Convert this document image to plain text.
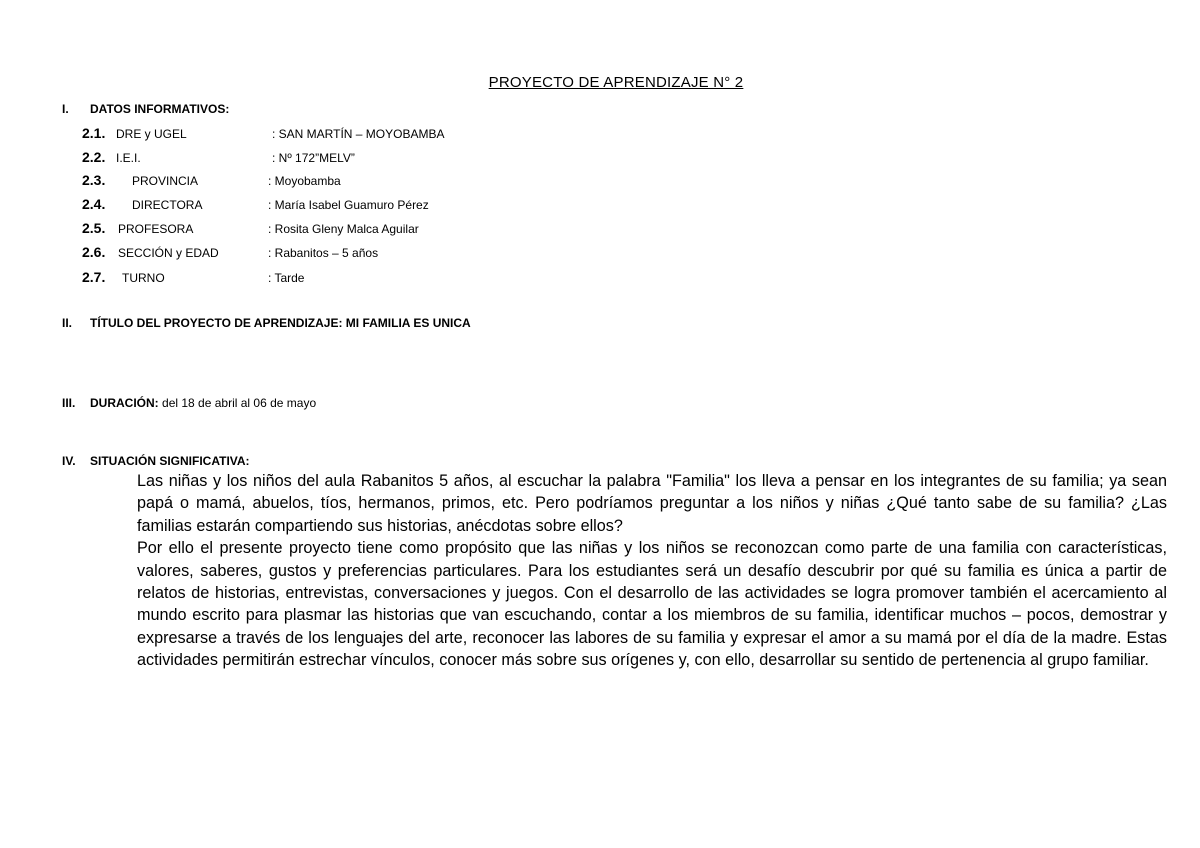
PROYECTO DE APRENDIZAJE N° 2
I. DATOS INFORMATIVOS:
2.1. DRE y UGEL	: SAN MARTÍN – MOYOBAMBA
2.2. I.E.I.	: Nº 172”MELV”
2.3. PROVINCIA	: Moyobamba
2.4. DIRECTORA	: María Isabel Guamuro Pérez
2.5. PROFESORA	: Rosita Gleny Malca Aguilar
2.6. SECCIÓN y EDAD	: Rabanitos – 5 años
2.7. TURNO	: Tarde
II. TÍTULO DEL PROYECTO DE APRENDIZAJE: MI FAMILIA ES UNICA
III. DURACIÓN: del 18 de abril al 06 de mayo
IV. SITUACIÓN SIGNIFICATIVA:

Las niñas y los niños del aula Rabanitos 5 años, al escuchar la palabra "Familia" los lleva a pensar en los integrantes de su familia; ya sean papá o mamá, abuelos, tíos, hermanos, primos, etc. Pero podríamos preguntar a los niños y niñas ¿Qué tanto sabe de su familia? ¿Las familias estarán compartiendo sus historias, anécdotas sobre ellos?

Por ello el presente proyecto tiene como propósito que las niñas y los niños se reconozcan como parte de una familia con características, valores, saberes, gustos y preferencias particulares. Para los estudiantes será un desafío descubrir por qué su familia es única a partir de relatos de historias, entrevistas, conversaciones y juegos. Con el desarrollo de las actividades se logra promover también el acercamiento al mundo escrito para plasmar las historias que van escuchando, contar a los miembros de su familia, identificar muchos – pocos, demostrar y expresarse a través de los lenguajes del arte, reconocer las labores de su familia y expresar el amor a su mamá por el día de la madre. Estas actividades permitirán estrechar vínculos, conocer más sobre sus orígenes y, con ello, desarrollar su sentido de pertenencia al grupo familiar.
